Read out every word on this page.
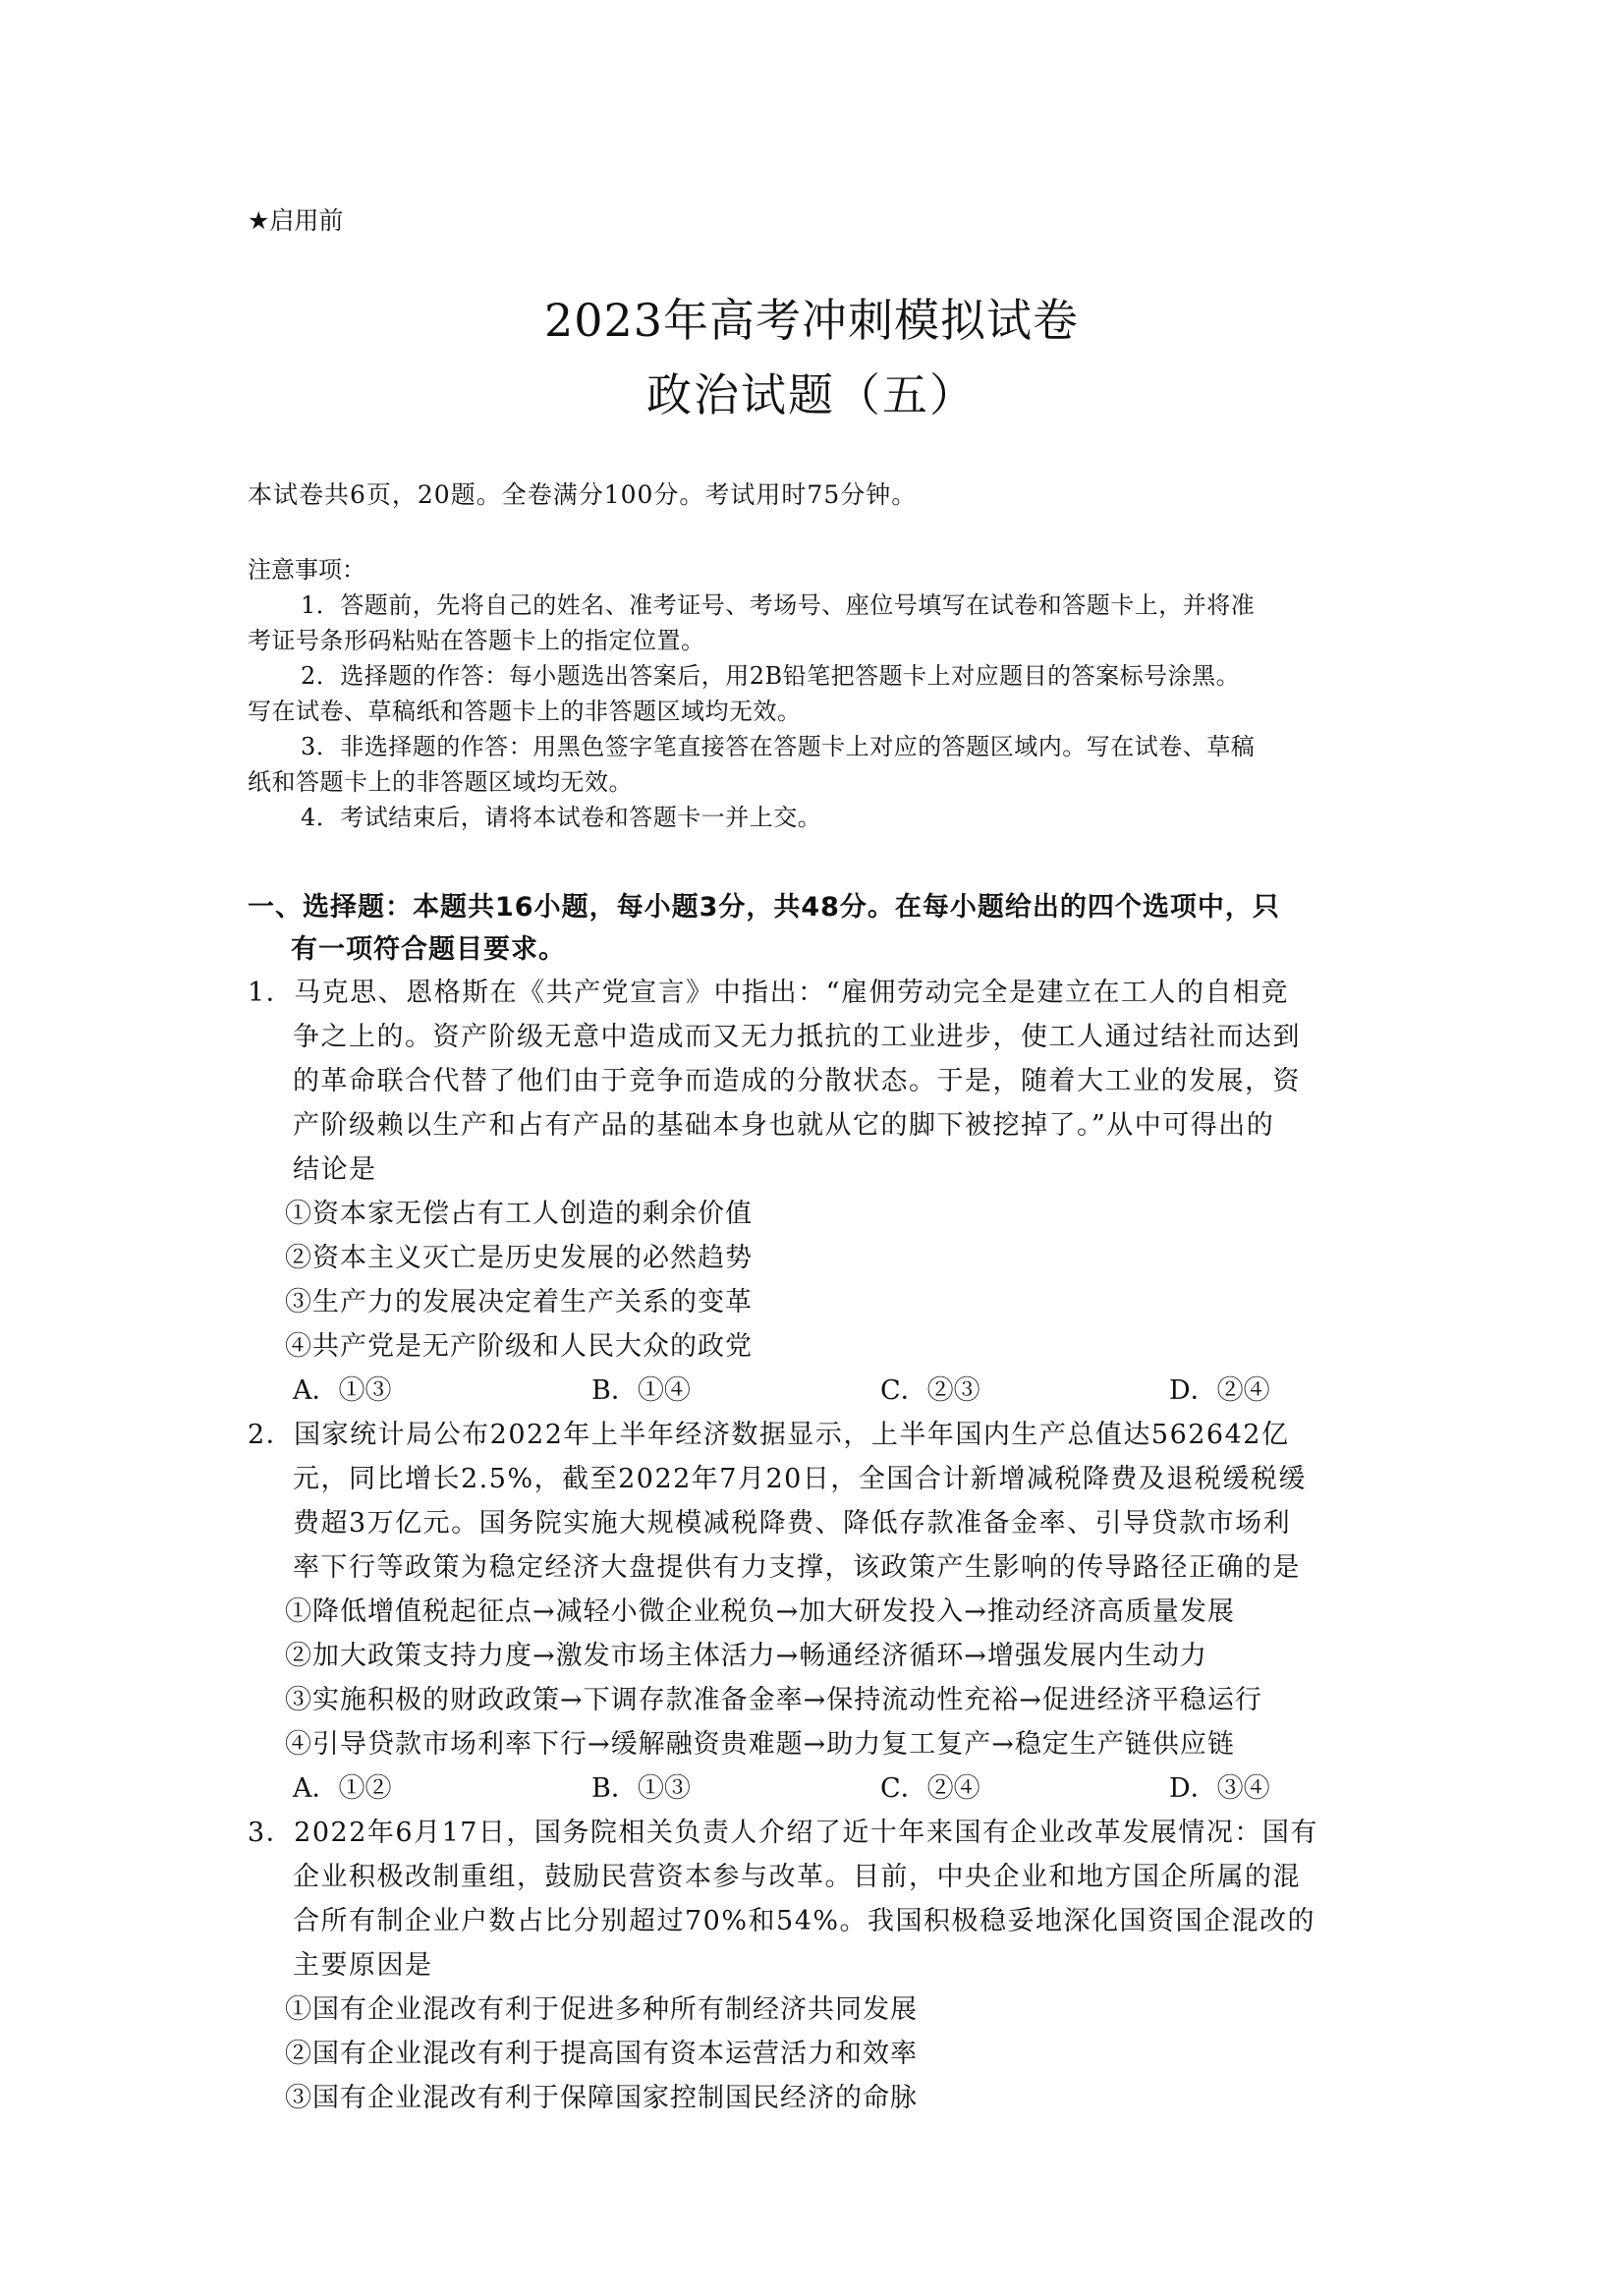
★启用前
2023年高考冲刺模拟试卷
政治试题（五）
本试卷共6页，20题。全卷满分100分。考试用时75分钟。
注意事项：
1．答题前，先将自己的姓名、准考证号、考场号、座位号填写在试卷和答题卡上，并将准
考证号条形码粘贴在答题卡上的指定位置。
2．选择题的作答：每小题选出答案后，用2B铅笔把答题卡上对应题目的答案标号涂黑。
写在试卷、草稿纸和答题卡上的非答题区域均无效。
3．非选择题的作答：用黑色签字笔直接答在答题卡上对应的答题区域内。写在试卷、草稿
纸和答题卡上的非答题区域均无效。
4．考试结束后，请将本试卷和答题卡一并上交。
一、选择题：本题共16小题，每小题3分，共48分。在每小题给出的四个选项中，只
有一项符合题目要求。
1．马克思、恩格斯在《共产党宣言》中指出：“雇佣劳动完全是建立在工人的自相竞
争之上的。资产阶级无意中造成而又无力抵抗的工业进步，使工人通过结社而达到
的革命联合代替了他们由于竞争而造成的分散状态。于是，随着大工业的发展，资
产阶级赖以生产和占有产品的基础本身也就从它的脚下被挖掉了。”从中可得出的
结论是
①资本家无偿占有工人创造的剩余价值
②资本主义灭亡是历史发展的必然趋势
③生产力的发展决定着生产关系的变革
④共产党是无产阶级和人民大众的政党
A．①③	B．①④	C．②③	D．②④
2．国家统计局公布2022年上半年经济数据显示，上半年国内生产总值达562642亿
元，同比增长2.5%，截至2022年7月20日，全国合计新增减税降费及退税缓税缓
费超3万亿元。国务院实施大规模减税降费、降低存款准备金率、引导贷款市场利
率下行等政策为稳定经济大盘提供有力支撑，该政策产生影响的传导路径正确的是
①降低增值税起征点→减轻小微企业税负→加大研发投入→推动经济高质量发展
②加大政策支持力度→激发市场主体活力→畅通经济循环→增强发展内生动力
③实施积极的财政政策→下调存款准备金率→保持流动性充裕→促进经济平稳运行
④引导贷款市场利率下行→缓解融资贵难题→助力复工复产→稳定生产链供应链
A．①②	B．①③	C．②④	D．③④
3．2022年6月17日，国务院相关负责人介绍了近十年来国有企业改革发展情况：国有
企业积极改制重组，鼓励民营资本参与改革。目前，中央企业和地方国企所属的混
合所有制企业户数占比分别超过70%和54%。我国积极稳妥地深化国资国企混改的
主要原因是
①国有企业混改有利于促进多种所有制经济共同发展
②国有企业混改有利于提高国有资本运营活力和效率
③国有企业混改有利于保障国家控制国民经济的命脉
